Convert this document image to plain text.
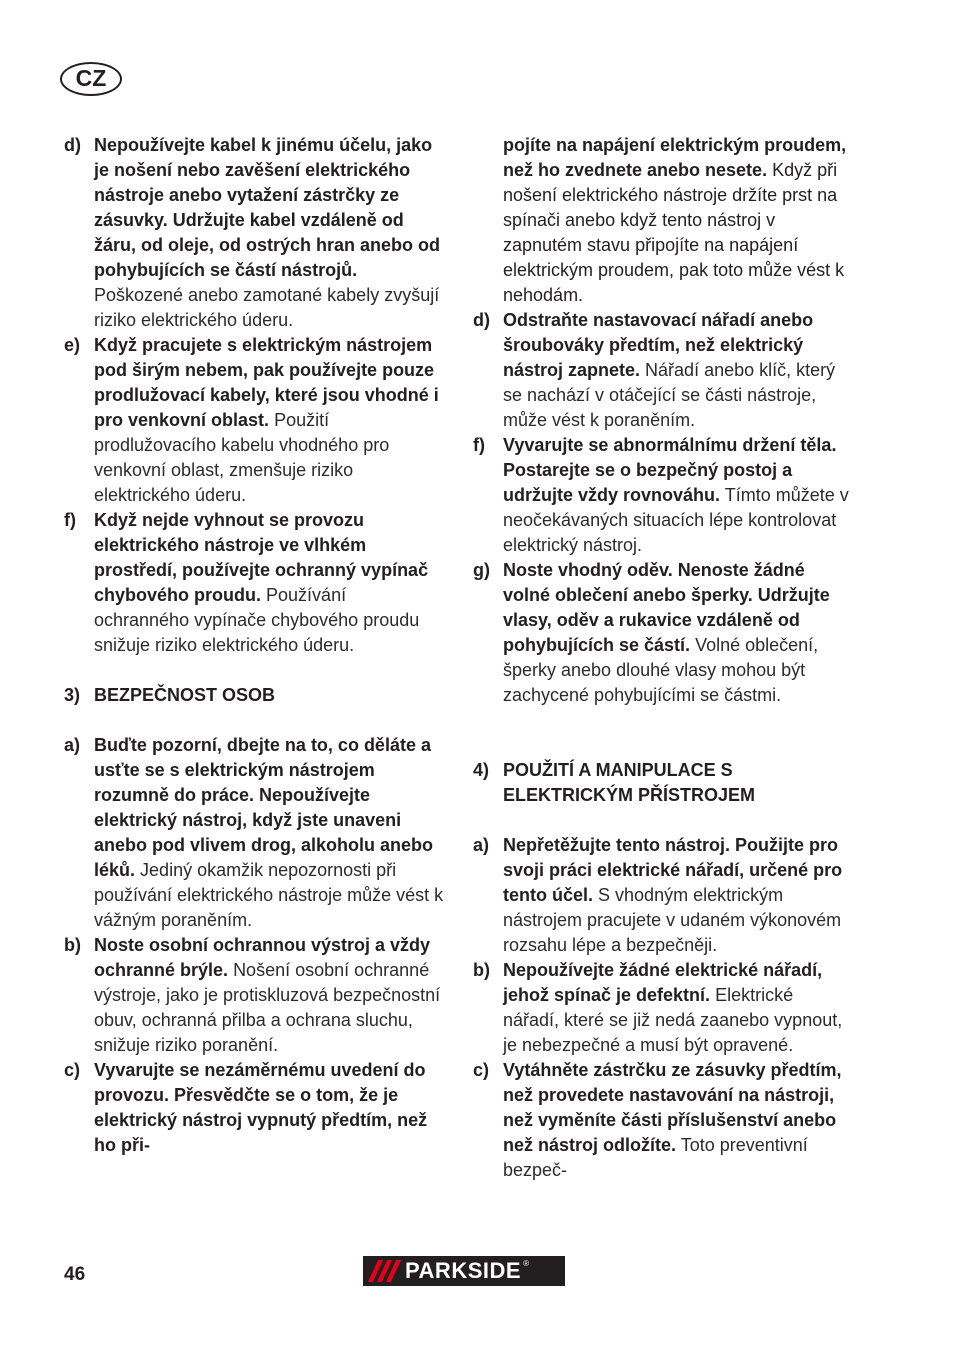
CZ
d) Nepoužívejte kabel k jinému účelu, jako je nošení nebo zavěšení elektrického nástroje anebo vytažení zástrčky ze zásuvky. Udržujte kabel vzdáleně od žáru, od oleje, od ostrých hran anebo od pohybujících se částí nástrojů. Poškozené anebo zamotané kabely zvyšují riziko elektrického úderu.
e) Když pracujete s elektrickým nástrojem pod širým nebem, pak používejte pouze prodlužovací kabely, které jsou vhodné i pro venkovní oblast. Použití prodlužovacího kabelu vhodného pro venkovní oblast, zmenšuje riziko elektrického úderu.
f) Když nejde vyhnout se provozu elektrického nástroje ve vlhkém prostředí, používejte ochranný vypínač chybového proudu. Používání ochranného vypínače chybového proudu snižuje riziko elektrického úderu.
3) BEZPEČNOST OSOB
a) Buďte pozorní, dbejte na to, co děláte a usťte se s elektrickým nástrojem rozumně do práce. Nepoužívejte elektrický nástroj, když jste unaveni anebo pod vlivem drog, alkoholu anebo léků. Jediný okamžik nepozornosti při používání elektrického nástroje může vést k vážným poraněním.
b) Noste osobní ochrannou výstroj a vždy ochranné brýle. Nošení osobní ochranné výstroje, jako je protiskluzová bezpečnostní obuv, ochranná přilba a ochrana sluchu, snižuje riziko poranění.
c) Vyvarujte se nezáměrnému uvedení do provozu. Přesvědčte se o tom, že je elektrický nástroj vypnutý předtím, než ho při-
pojíte na napájení elektrickým proudem, než ho zvednete anebo nesete. Když při nošení elektrického nástroje držíte prst na spínači anebo když tento nástroj v zapnutém stavu připojíte na napájení elektrickým proudem, pak toto může vést k nehodám.
d) Odstraňte nastavovací nářadí anebo šroubováky předtím, než elektrický nástroj zapnete. Nářadí anebo klíč, který se nachází v otáčející se části nástroje, může vést k poraněním.
f) Vyvarujte se abnormálnímu držení těla. Postarejte se o bezpečný postoj a udržujte vždy rovnováhu. Tímto můžete v neočekávaných situacích lépe kontrolovat elektrický nástroj.
g) Noste vhodný oděv. Nenoste žádné volné oblečení anebo šperky. Udržujte vlasy, oděv a rukavice vzdáleně od pohybujících se částí. Volné oblečení, šperky anebo dlouhé vlasy mohou být zachycené pohybujícími se částmi.
4) POUŽITÍ A MANIPULACE S ELEKTRICKÝM PŘÍSTROJEM
a) Nepřetěžujte tento nástroj. Použijte pro svoji práci elektrické nářadí, určené pro tento účel. S vhodným elektrickým nástrojem pracujete v udaném výkonovém rozsahu lépe a bezpečněji.
b) Nepoužívejte žádné elektrické nářadí, jehož spínač je defektní. Elektrické nářadí, které se již nedá zaanebo vypnout, je nebezpečné a musí být opravené.
c) Vytáhněte zástrčku ze zásuvky předtím, než provedete nastavování na nástroji, než vyměníte části příslušenství anebo než nástroj odložíte. Toto preventivní bezpeč-
46	PARKSIDE ®
